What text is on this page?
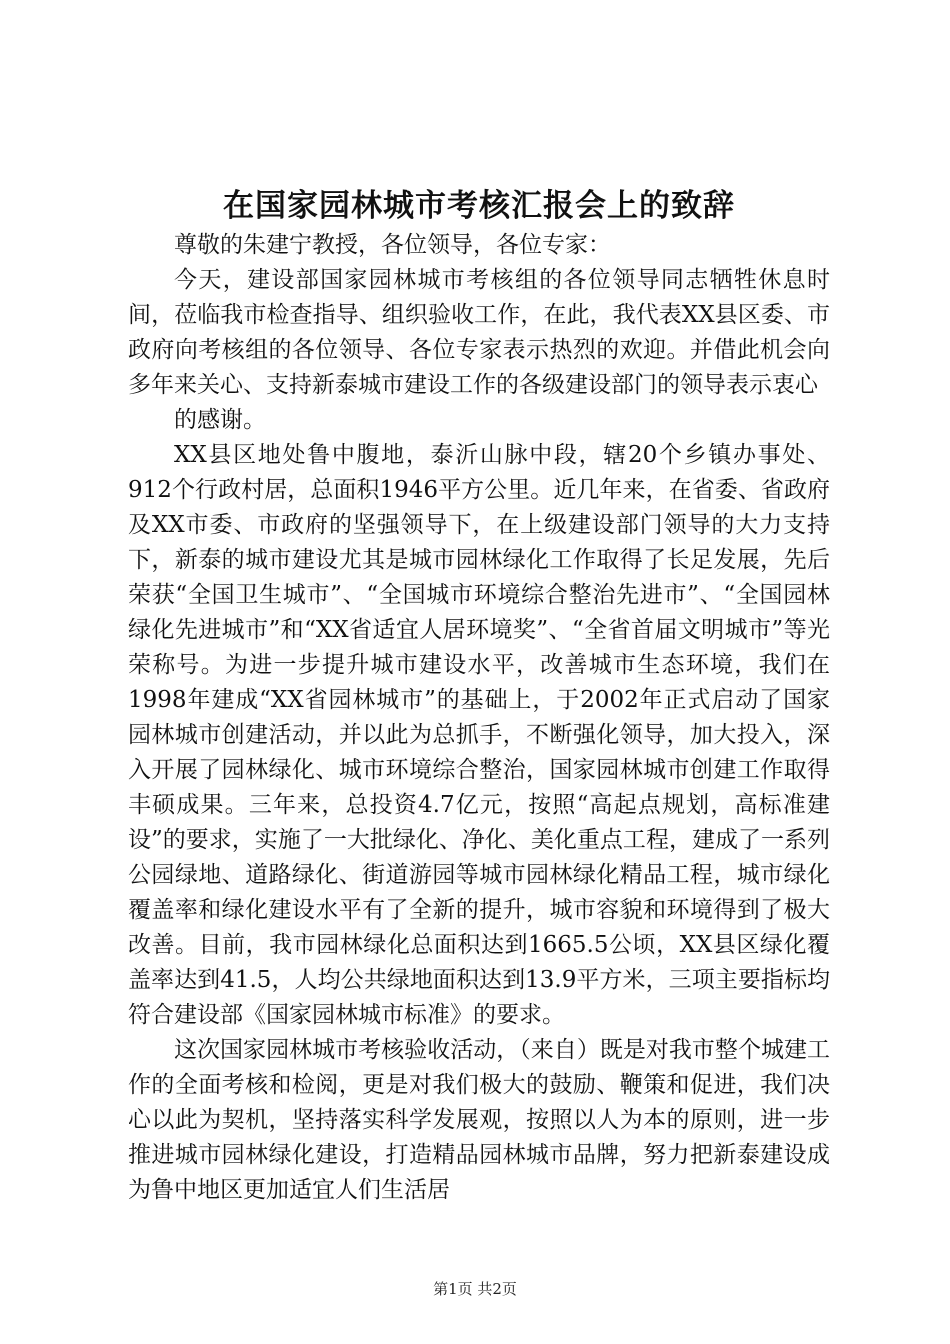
在国家园林城市考核汇报会上的致辞

尊敬的朱建宁教授，各位领导，各位专家：

今天，建设部国家园林城市考核组的各位领导同志牺牲休息时间，莅临我市检查指导、组织验收工作，在此，我代表XX县区委、市政府向考核组的各位领导、各位专家表示热烈的欢迎。并借此机会向多年来关心、支持新泰城市建设工作的各级建设部门的领导表示衷心

的感谢。

XX县区地处鲁中腹地，泰沂山脉中段，辖20个乡镇办事处、912个行政村居，总面积1946平方公里。近几年来，在省委、省政府及XX市委、市政府的坚强领导下，在上级建设部门领导的大力支持下，新泰的城市建设尤其是城市园林绿化工作取得了长足发展，先后荣获“全国卫生城市”、“全国城市环境综合整治先进市”、“全国园林绿化先进城市”和“XX省适宜人居环境奖”、“全省首届文明城市”等光荣称号。为进一步提升城市建设水平，改善城市生态环境，我们在1998年建成“XX省园林城市”的基础上，于2002年正式启动了国家园林城市创建活动，并以此为总抓手，不断强化领导，加大投入，深入开展了园林绿化、城市环境综合整治，国家园林城市创建工作取得丰硕成果。三年来，总投资4.7亿元，按照“高起点规划，高标准建设”的要求，实施了一大批绿化、净化、美化重点工程，建成了一系列公园绿地、道路绿化、街道游园等城市园林绿化精品工程，城市绿化覆盖率和绿化建设水平有了全新的提升，城市容貌和环境得到了极大改善。目前，我市园林绿化总面积达到1665.5公顷，XX县区绿化覆盖率达到41.5，人均公共绿地面积达到13.9平方米，三项主要指标均符合建设部《国家园林城市标准》的要求。

这次国家园林城市考核验收活动，（来自）既是对我市整个城建工作的全面考核和检阅，更是对我们极大的鼓励、鞭策和促进，我们决心以此为契机，坚持落实科学发展观，按照以人为本的原则，进一步推进城市园林绿化建设，打造精品园林城市品牌，努力把新泰建设成为鲁中地区更加适宜人们生活居

第1页 共2页
